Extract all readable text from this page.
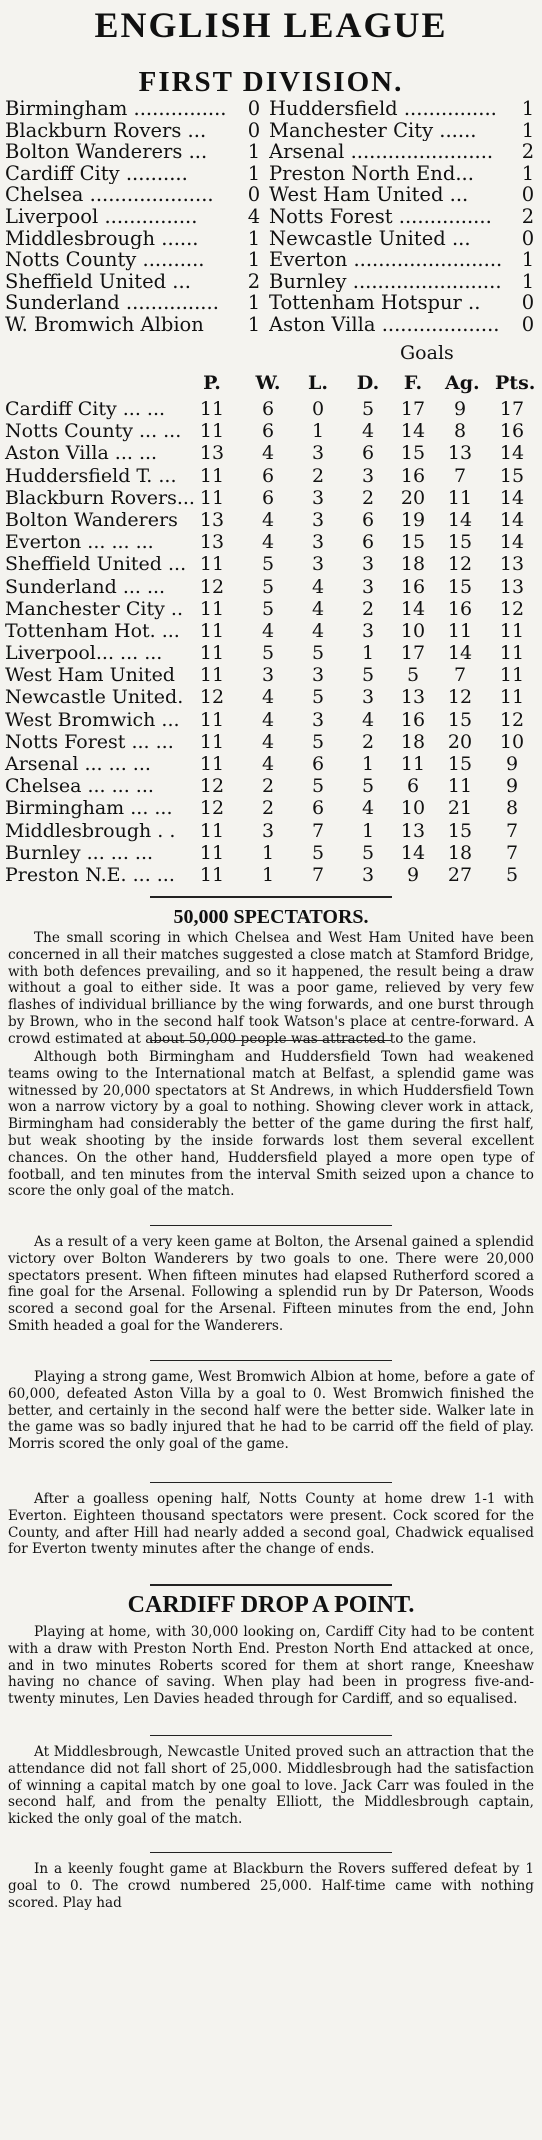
ENGLISH LEAGUE
FIRST DIVISION.
Birmingham ...............	0 Huddersfield ...............	1
Blackburn Rovers ...	0 Manchester City ......	1
Bolton Wanderers ...	1 Arsenal .......................	2
Cardiff City ..........	1 Preston North End...	1
Chelsea ....................	0 West Ham United ...	0
Liverpool ...............	4 Notts Forest ...............	2
Middlesbrough ......	1 Newcastle United ...	0
Notts County ..........	1 Everton ........................	1
Sheffield United ...	2 Burnley ........................	1
Sunderland ...............	1 Tottenham Hotspur ..	0
W. Bromwich Albion	1 Aston Villa ...................	0
Goals
P.	W. L. D.	F.	Ag. Pts.
Cardiff City ... ...	11	6	0	5	17	9	17
Notts County ... ... 11	6	1	4	14	8	16
Aston Villa ... ...	13	4	3	6	15 13 14
Huddersfield T. ...	11	6	2	3	16	7	15
Blackburn Rovers... 11	6	3	2	20 11 14
Bolton Wanderers	13	4	3	6	19 14 14
Everton ... ... ...	13	4	3	6	15 15 14
Sheffield United ... 11	5	3	3	18 12 13
Sunderland ... ...	12	5	4	3	16 15 13
Manchester City .. 11	5	4	2	14 16 12
Tottenham Hot. ...	11	4	4	3	10 11 11
Liverpool... ... ...	11	5	5	1	17 14 11
West Ham United	11	3	3	5	5	7	11
Newcastle United. 12	4	5	3	13 12 11
West Bromwich ...	11	4	3	4	16 15 12
Notts Forest ... ...	11	4	5	2	18 20 10
Arsenal ... ... ...	11	4	6	1	11 15	9
Chelsea ... ... ...	12	2	5	5	6	11	9
Birmingham ... ...	12	2	6	4	10 21	8
Middlesbrough . .	11	3	7	1	13 15	7
Burnley ... ... ...	11	1	5	5	14 18	7
Preston N.E. ... ...	11	1	7	3	9	27	5
50,000 SPECTATORS.

The small scoring in which Chelsea and West Ham United have been concerned in all their matches suggested a close match at Stamford Bridge, with both defences prevailing, and so it happened, the result being a draw without a goal to either side. It was a poor game, relieved by very few flashes of individual brilliance by the wing forwards, and one burst through by Brown, who in the second half took Watson's place at centre-forward. A crowd estimated at about 50,000 people was attracted to the game.

Although both Birmingham and Huddersfield Town had weakened teams owing to the International match at Belfast, a splendid game was witnessed by 20,000 spectators at St Andrews, in which Huddersfield Town won a narrow victory by a goal to nothing. Showing clever work in attack, Birmingham had considerably the better of the game during the first half, but weak shooting by the inside forwards lost them several excellent chances. On the other hand, Huddersfield played a more open type of football, and ten minutes from the interval Smith seized upon a chance to score the only goal of the match.

As a result of a very keen game at Bolton, the Arsenal gained a splendid victory over Bolton Wanderers by two goals to one. There were 20,000 spectators present. When fifteen minutes had elapsed Rutherford scored a fine goal for the Arsenal. Following a splendid run by Dr Paterson, Woods scored a second goal for the Arsenal. Fifteen minutes from the end, John Smith headed a goal for the Wanderers.

Playing a strong game, West Bromwich Albion at home, before a gate of 60,000, defeated Aston Villa by a goal to 0. West Bromwich finished the better, and certainly in the second half were the better side. Walker late in the game was so badly injured that he had to be carrid off the field of play. Morris scored the only goal of the game.

After a goalless opening half, Notts County at home drew 1-1 with Everton. Eighteen thousand spectators were present. Cock scored for the County, and after Hill had nearly added a second goal, Chadwick equalised for Everton twenty minutes after the change of ends.

CARDIFF DROP A POINT.

Playing at home, with 30,000 looking on, Cardiff City had to be content with a draw with Preston North End. Preston North End attacked at once, and in two minutes Roberts scored for them at short range, Kneeshaw having no chance of saving. When play had been in progress five-and-twenty minutes, Len Davies headed through for Cardiff, and so equalised.

At Middlesbrough, Newcastle United proved such an attraction that the attendance did not fall short of 25,000. Middlesbrough had the satisfaction of winning a capital match by one goal to love. Jack Carr was fouled in the second half, and from the penalty Elliott, the Middlesbrough captain, kicked the only goal of the match.

In a keenly fought game at Blackburn the Rovers suffered defeat by 1 goal to 0. The crowd numbered 25,000. Half-time came with nothing scored. Play had
